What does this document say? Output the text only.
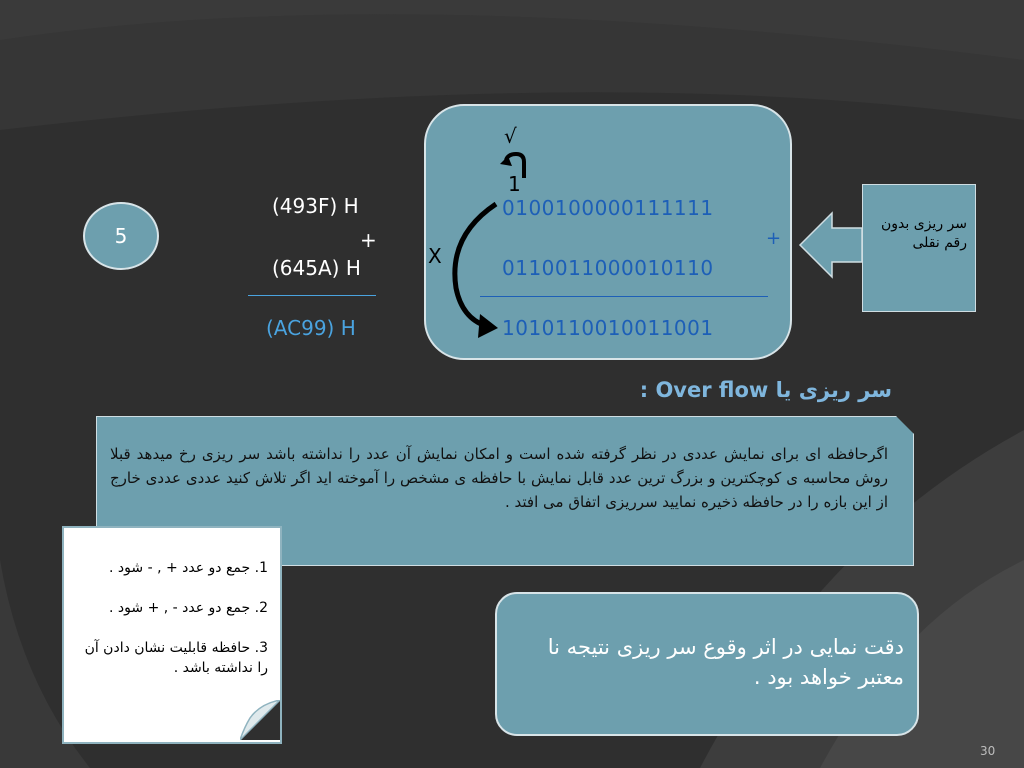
5
(493F) H
+
(645A) H
(AC99) H
√
1
0100100000111111
+
X	0110011000010110
1010110010011001
سر ریزی بدون رقم نقلی
سر ریزی یا Over flow :
اگرحافظه ای برای نمایش عددی در نظر گرفته شده است و امکان نمایش آن عدد را نداشته باشد سر ریزی رخ میدهد قبلا روش محاسبه ی کوچکترین و بزرگ ترین عدد قابل نمایش با حافظه ی مشخص را آموخته اید اگر تلاش کنید عددی عددی خارج از این بازه را در حافظه ذخیره نمایید سرریزی اتفاق می افتد .
1. جمع دو عدد + , - شود .
2. جمع دو عدد - , + شود .
3. حافظه قابلیت نشان دادن آن را نداشته باشد .
دقت نمایی در اثر وقوع سر ریزی نتیجه نا معتبر خواهد بود .
30
